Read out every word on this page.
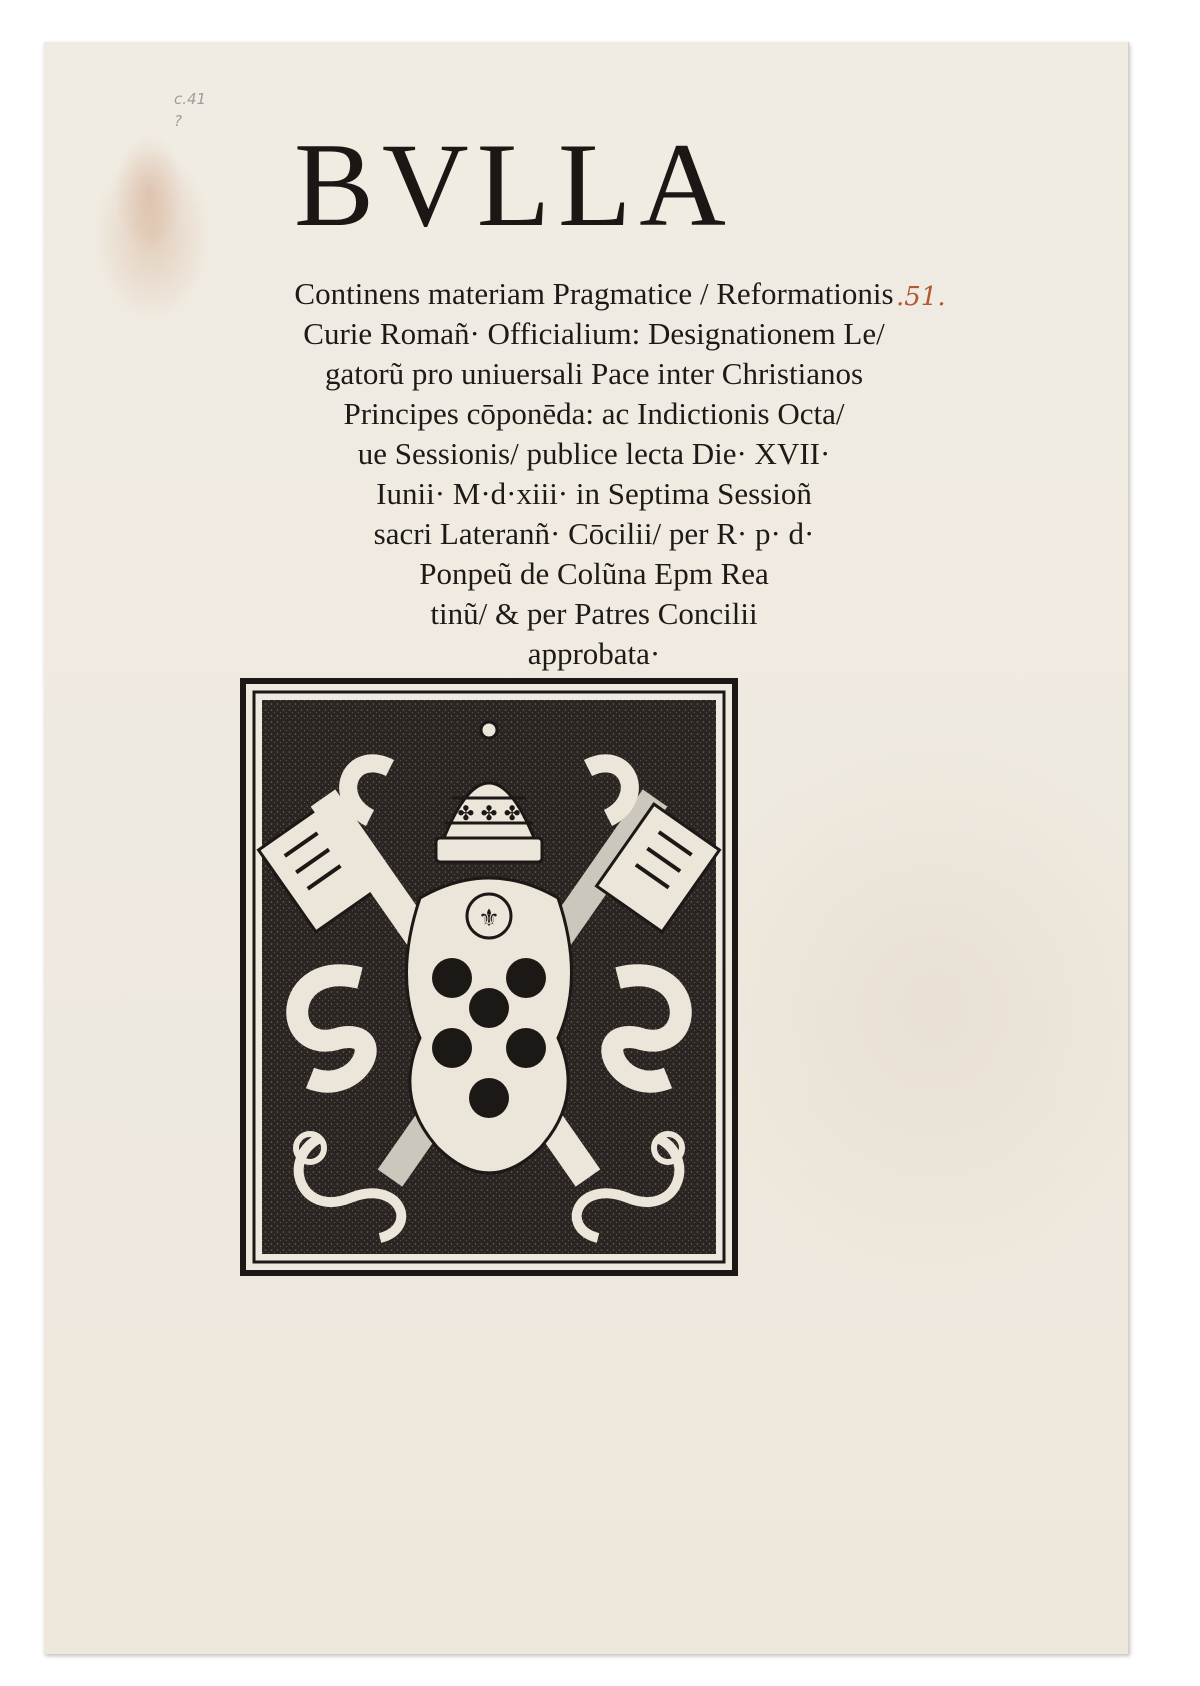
c.41
? BVLLA
.51.
Continens materiam Pragmatice / Reformationis
Curie Romañ· Officialium: Designationem Le/
gatorũ pro uniuersali Pace inter Christianos
Principes cōponēda: ac Indictionis Octa/
ue Sessionis/ publice lecta Die· XVII·
Iunii· M·d·xiii· in Septima Sessioñ
sacri Lateranñ· Cōcilii/ per R· p· d·
Ponpeũ de Colũna Epm Rea
tinũ/ & per Patres Concilii
approbata·
✤ ✤ ✤
⚜
